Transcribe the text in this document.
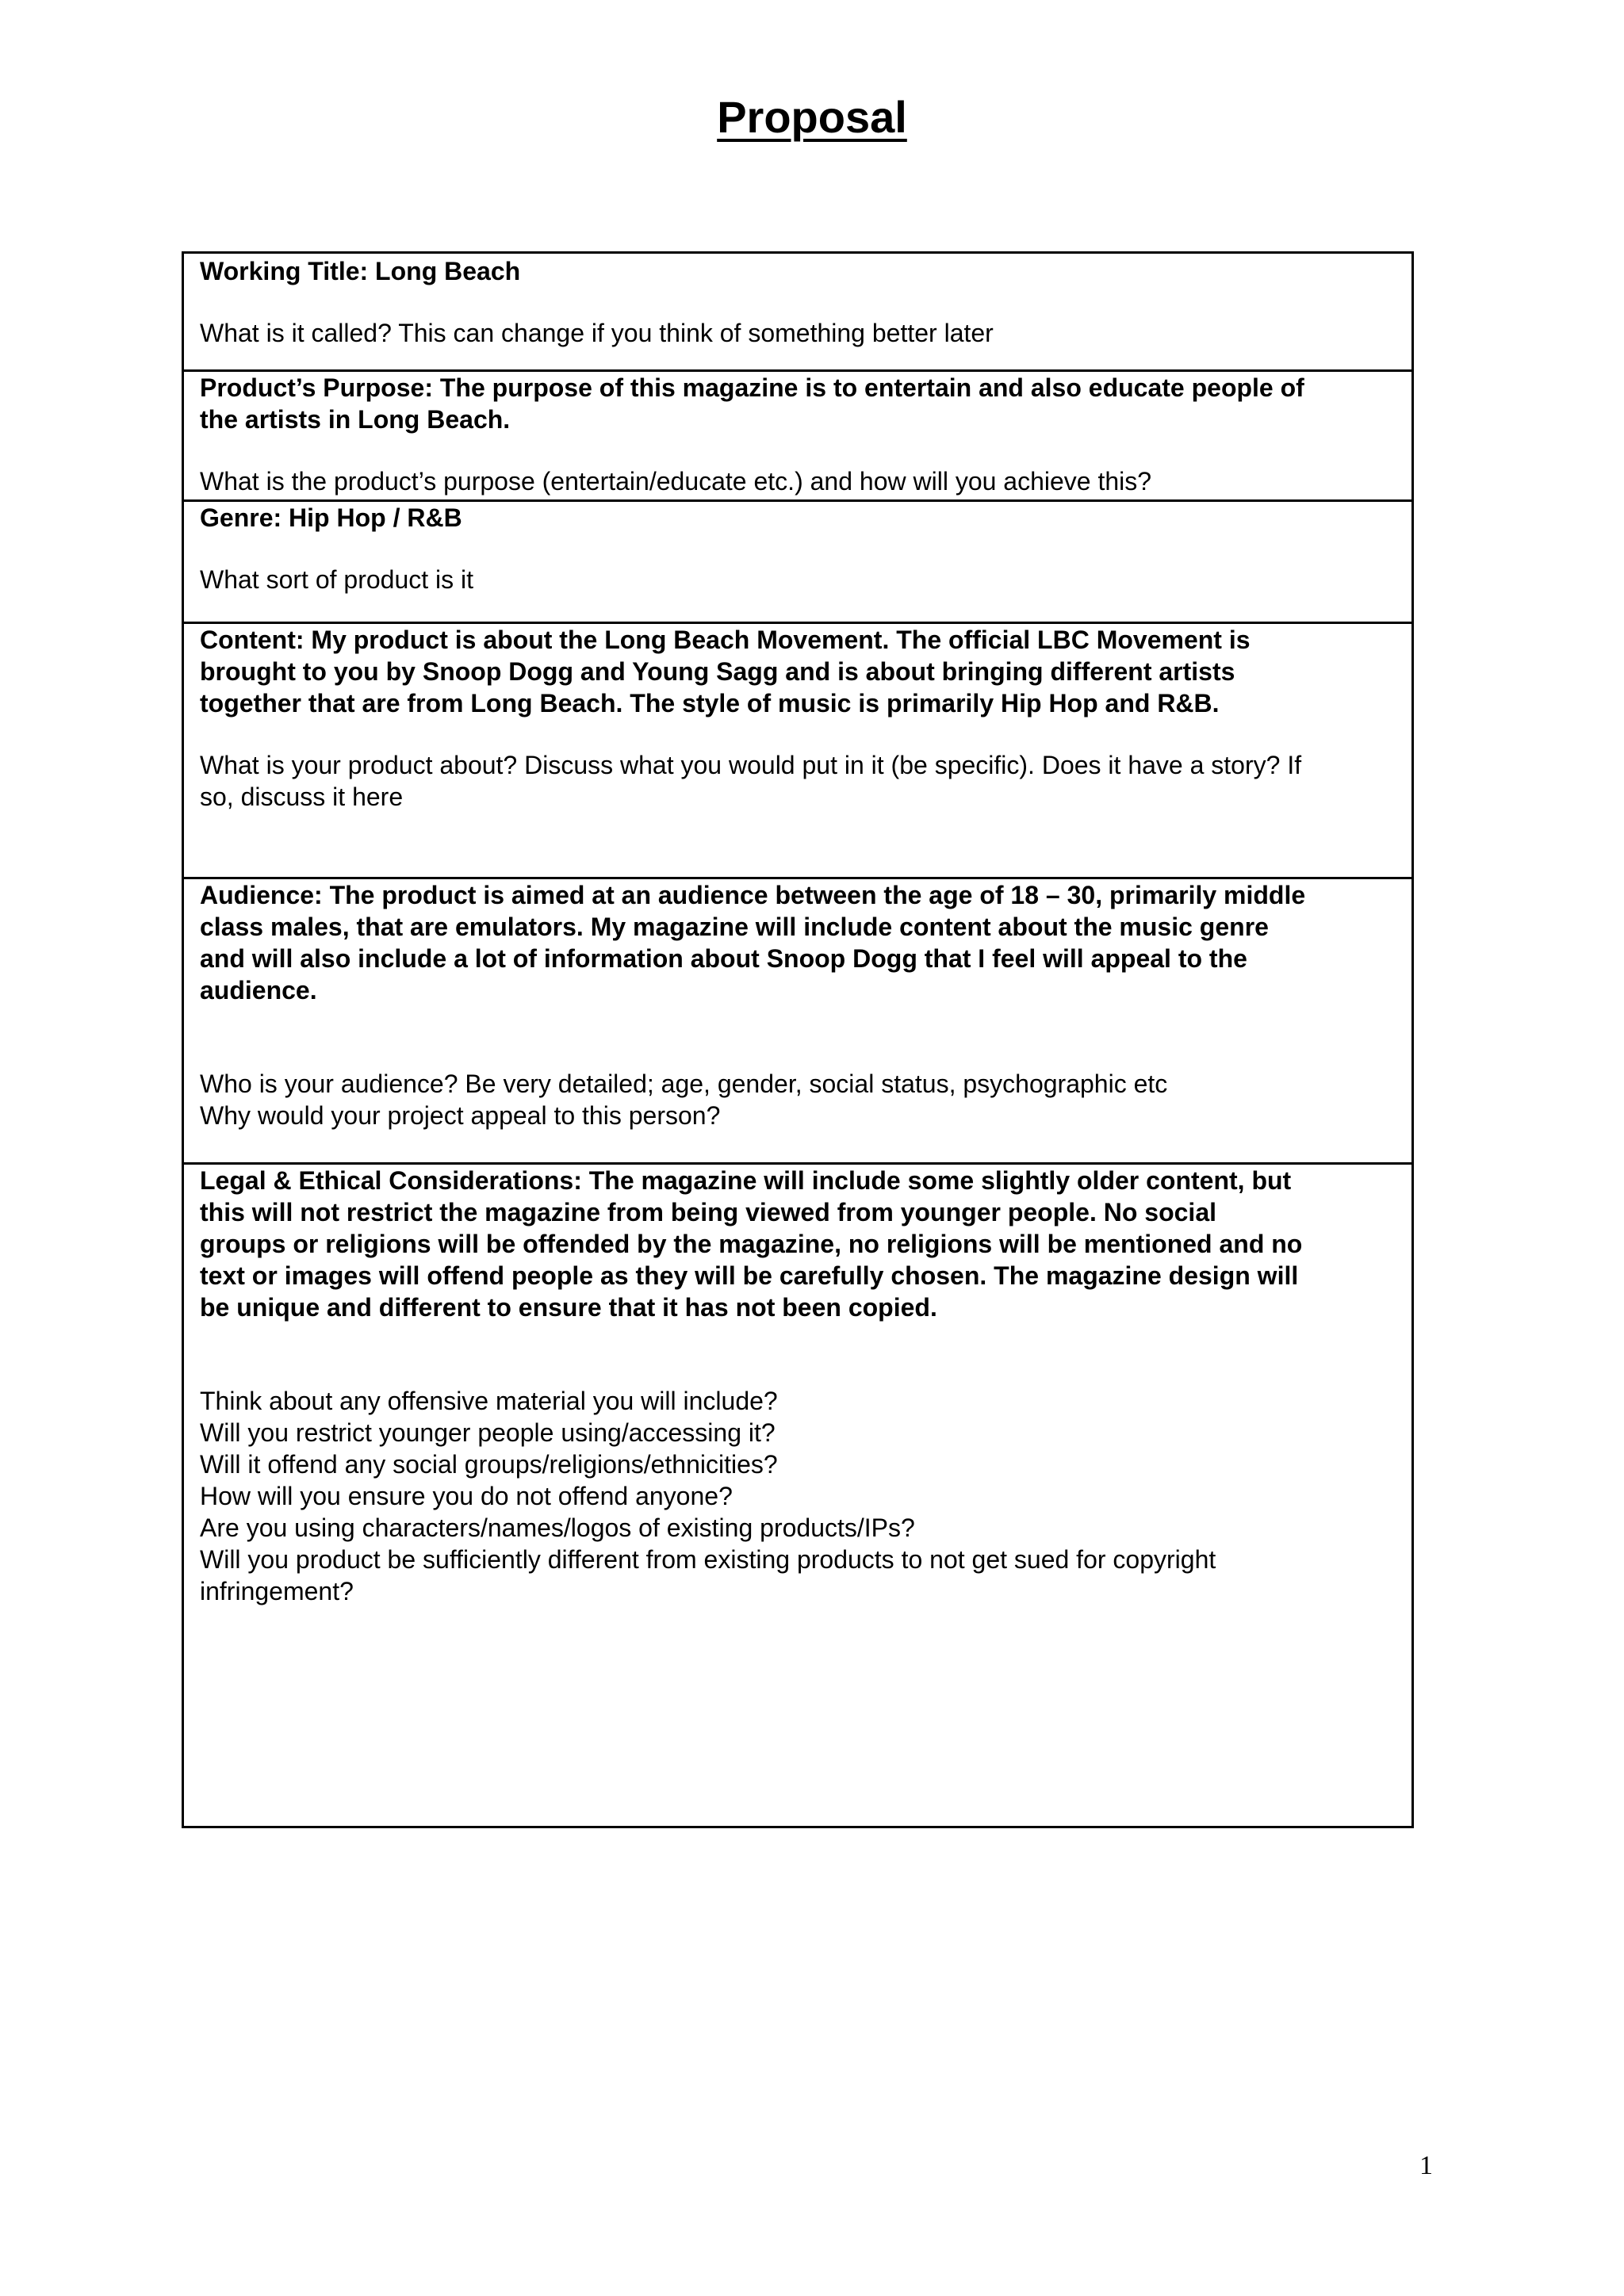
Proposal

Working Title: Long Beach

What is it called? This can change if you think of something better later

Product’s Purpose: The purpose of this magazine is to entertain and also educate people of
the artists in Long Beach.

What is the product’s purpose (entertain/educate etc.) and how will you achieve this?

Genre: Hip Hop / R&B

What sort of product is it

Content: My product is about the Long Beach Movement. The official LBC Movement is
brought to you by Snoop Dogg and Young Sagg and is about bringing different artists
together that are from Long Beach. The style of music is primarily Hip Hop and R&B.

What is your product about? Discuss what you would put in it (be specific). Does it have a story? If
so, discuss it here

Audience: The product is aimed at an audience between the age of 18 – 30, primarily middle
class males, that are emulators. My magazine will include content about the music genre
and will also include a lot of information about Snoop Dogg that I feel will appeal to the
audience.

Who is your audience? Be very detailed; age, gender, social status, psychographic etc
Why would your project appeal to this person?

Legal & Ethical Considerations: The magazine will include some slightly older content, but
this will not restrict the magazine from being viewed from younger people. No social
groups or religions will be offended by the magazine, no religions will be mentioned and no
text or images will offend people as they will be carefully chosen. The magazine design will
be unique and different to ensure that it has not been copied.

Think about any offensive material you will include?
Will you restrict younger people using/accessing it?
Will it offend any social groups/religions/ethnicities?
How will you ensure you do not offend anyone?
Are you using characters/names/logos of existing products/IPs?
Will you product be sufficiently different from existing products to not get sued for copyright
infringement?

1
